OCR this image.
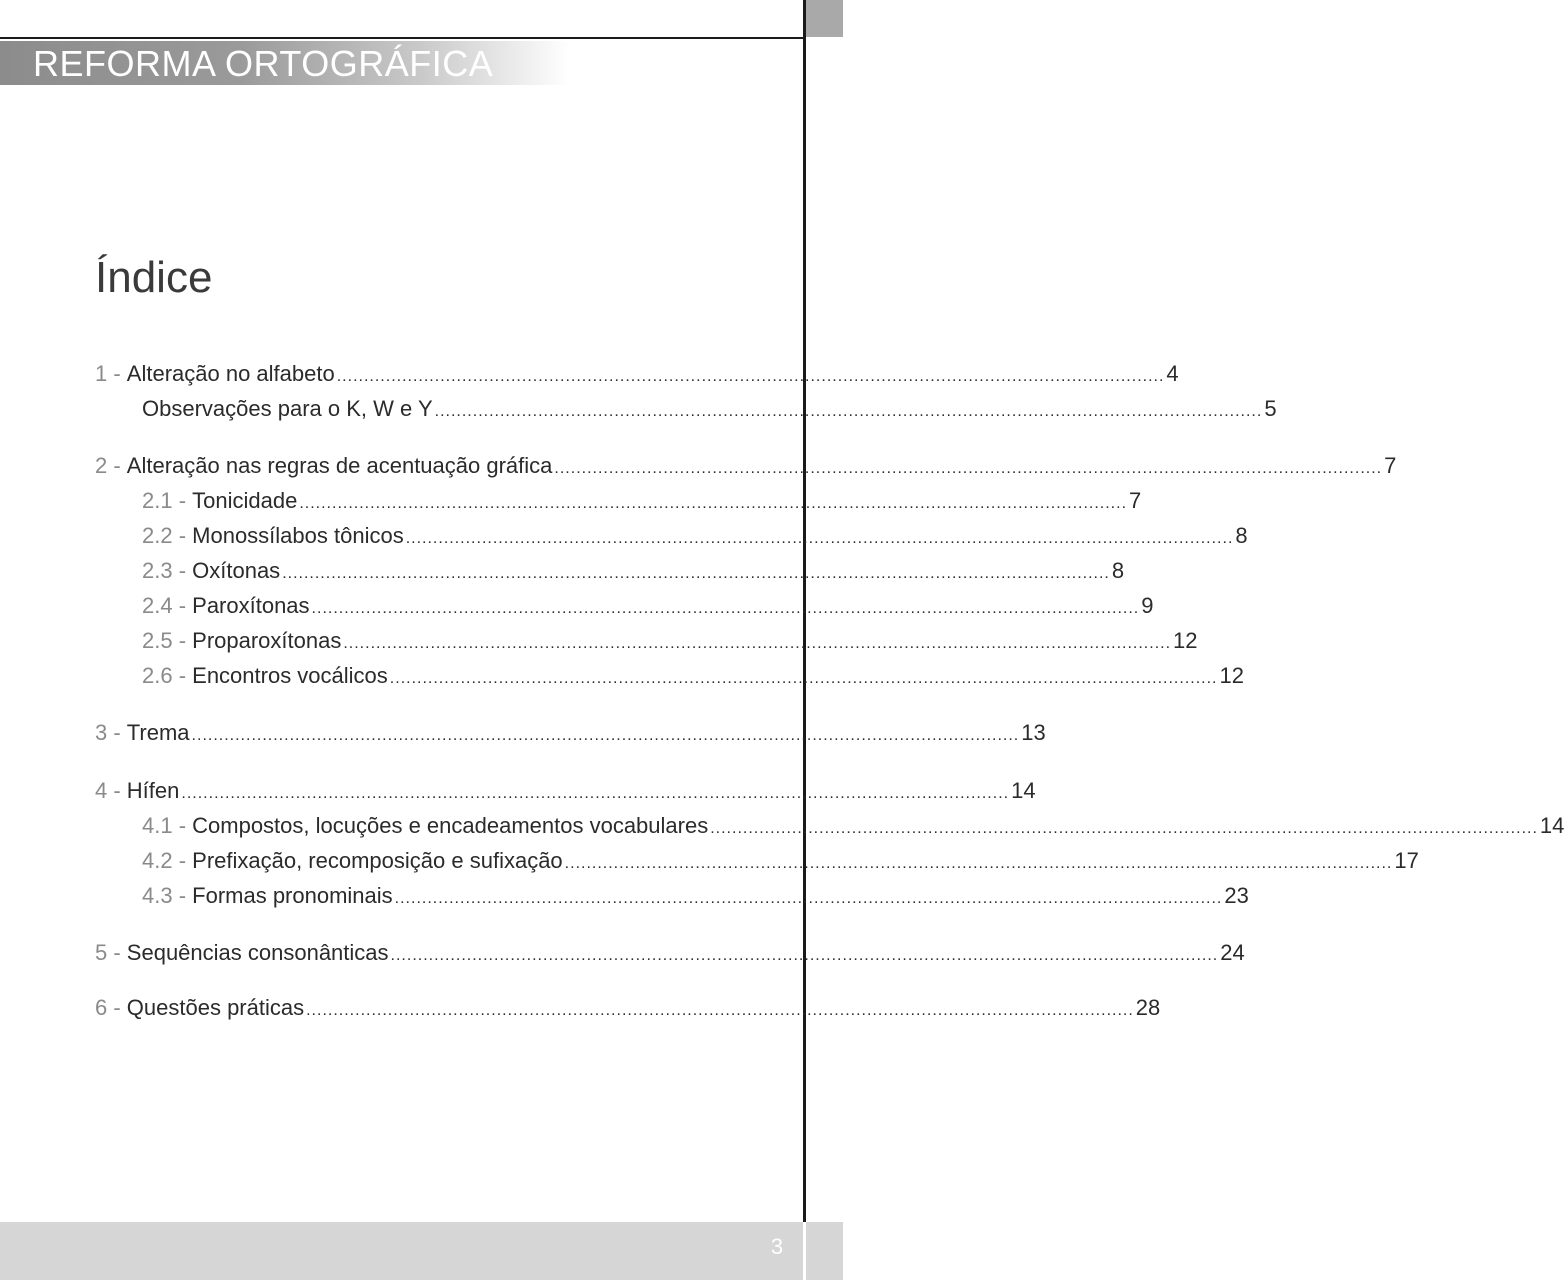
REFORMA ORTOGRÁFICA
Índice
1 - Alteração no alfabeto ........................................................................................................................................................ 4
Observações para o K, W e Y ........................................................................................................................................................ 5
2 - Alteração nas regras de acentuação gráfica ........................................................................................................................................................ 7
2.1 - Tonicidade ........................................................................................................................................................ 7
2.2 - Monossílabos tônicos ........................................................................................................................................................ 8
2.3 - Oxítonas ........................................................................................................................................................ 8
2.4 - Paroxítonas ........................................................................................................................................................ 9
2.5 - Proparoxítonas ........................................................................................................................................................ 12
2.6 - Encontros vocálicos ........................................................................................................................................................ 12
3 - Trema ........................................................................................................................................................ 13
4 - Hífen ........................................................................................................................................................ 14
4.1 - Compostos, locuções e encadeamentos vocabulares ........................................................................................................................................................ 14
4.2 - Prefixação, recomposição e sufixação ........................................................................................................................................................ 17
4.3 - Formas pronominais ........................................................................................................................................................ 23
5 - Sequências consonânticas ........................................................................................................................................................ 24
6 - Questões práticas ........................................................................................................................................................ 28
3
